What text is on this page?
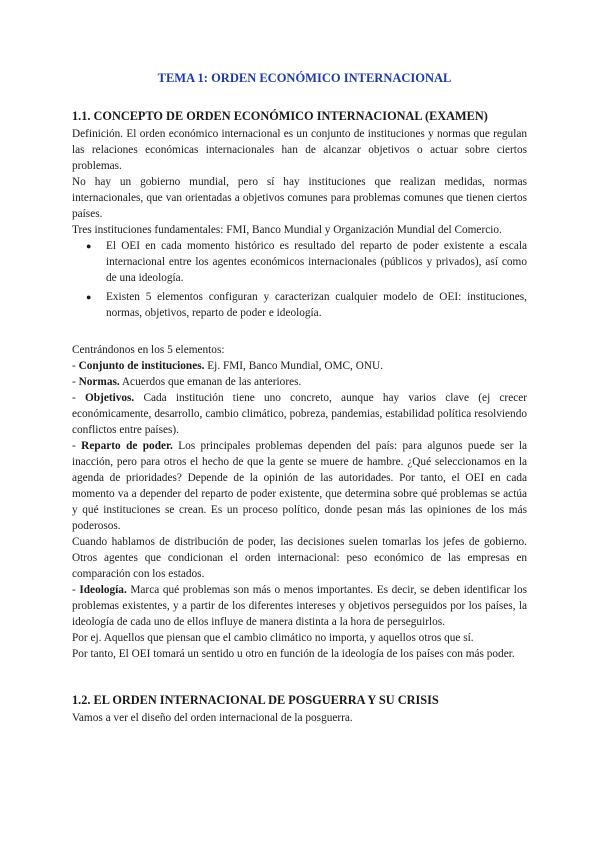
TEMA 1: ORDEN ECONÓMICO INTERNACIONAL
1.1. CONCEPTO DE ORDEN ECONÓMICO INTERNACIONAL (EXAMEN)

Definición. El orden económico internacional es un conjunto de instituciones y normas que regulan las relaciones económicas internacionales han de alcanzar objetivos o actuar sobre ciertos problemas.

No hay un gobierno mundial, pero sí hay instituciones que realizan medidas, normas internacionales, que van orientadas a objetivos comunes para problemas comunes que tienen ciertos países.

Tres instituciones fundamentales: FMI, Banco Mundial y Organización Mundial del Comercio.

● El OEI en cada momento histórico es resultado del reparto de poder existente a escala internacional entre los agentes económicos internacionales (públicos y privados), así como de una ideología.
● Existen 5 elementos configuran y caracterizan cualquier modelo de OEI: instituciones, normas, objetivos, reparto de poder e ideología.

Centrándonos en los 5 elementos:

- Conjunto de instituciones. Ej. FMI, Banco Mundial, OMC, ONU.

- Normas. Acuerdos que emanan de las anteriores.

- Objetivos. Cada institución tiene uno concreto, aunque hay varios clave (ej crecer económicamente, desarrollo, cambio climático, pobreza, pandemias, estabilidad política resolviendo conflictos entre países).

- Reparto de poder. Los principales problemas dependen del país: para algunos puede ser la inacción, pero para otros el hecho de que la gente se muere de hambre. ¿Qué seleccionamos en la agenda de prioridades? Depende de la opinión de las autoridades. Por tanto, el OEI en cada momento va a depender del reparto de poder existente, que determina sobre qué problemas se actúa y qué instituciones se crean. Es un proceso político, donde pesan más las opiniones de los más poderosos.

Cuando hablamos de distribución de poder, las decisiones suelen tomarlas los jefes de gobierno. Otros agentes que condicionan el orden internacional: peso económico de las empresas en comparación con los estados.

- Ideología. Marca qué problemas son más o menos importantes. Es decir, se deben identificar los problemas existentes, y a partir de los diferentes intereses y objetivos perseguidos por los países, la ideología de cada uno de ellos influye de manera distinta a la hora de perseguirlos.

Por ej. Aquellos que piensan que el cambio climático no importa, y aquellos otros que sí.

Por tanto, El OEI tomará un sentido u otro en función de la ideología de los países con más poder.

1.2. EL ORDEN INTERNACIONAL DE POSGUERRA Y SU CRISIS

Vamos a ver el diseño del orden internacional de la posguerra.
